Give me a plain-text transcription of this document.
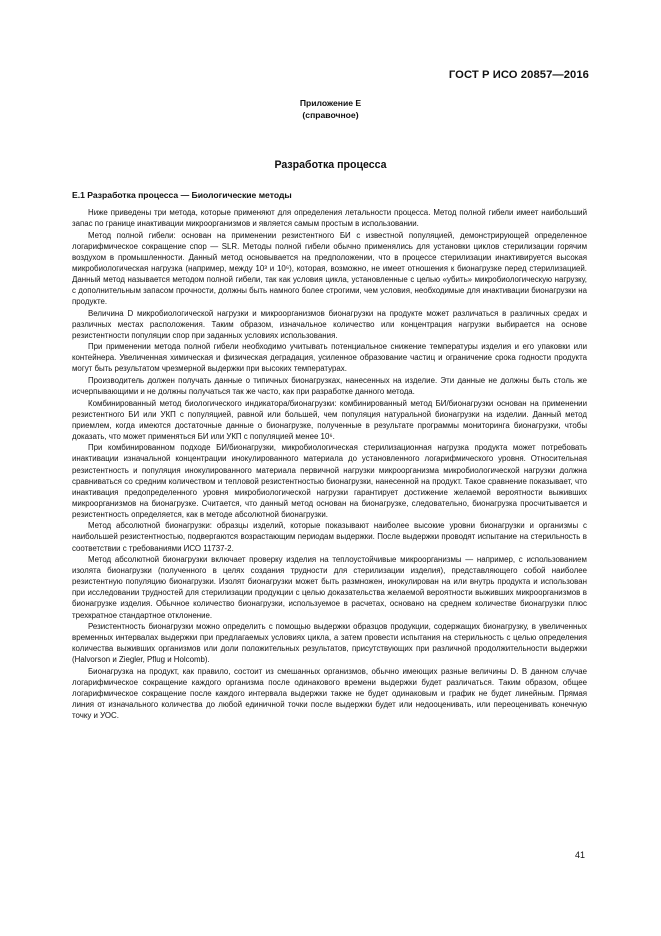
ГОСТ Р ИСО 20857—2016
Приложение Е
(справочное)
Разработка процесса
Е.1 Разработка процесса — Биологические методы

Ниже приведены три метода, которые применяют для определения летальности процесса. Метод полной гибели имеет наибольший запас по границе инактивации микроорганизмов и является самым простым в использовании.

Метод полной гибели: основан на применении резистентного БИ с известной популяцией, демонстрирующей определенное логарифмическое сокращение спор — SLR. Методы полной гибели обычно применялись для установки циклов стерилизации горячим воздухом в промышленности. Данный метод основывается на предположении, что в процессе стерилизации инактивируется высокая микробиологическая нагрузка (например, между 10³ и 10⁶), которая, возможно, не имеет отношения к бионагрузке перед стерилизацией. Данный метод называется методом полной гибели, так как условия цикла, установленные с целью «убить» микробиологическую нагрузку, с дополнительным запасом прочности, должны быть намного более строгими, чем условия, необходимые для инактивации бионагрузки на продукте.

Величина D микробиологической нагрузки и микроорганизмов бионагрузки на продукте может различаться в различных средах и различных местах расположения. Таким образом, изначальное количество или концентрация нагрузки выбирается на основе резистентности популяции спор при заданных условиях использования.

При применении метода полной гибели необходимо учитывать потенциальное снижение температуры изделия и его упаковки или контейнера. Увеличенная химическая и физическая деградация, усиленное образование частиц и ограничение срока годности продукта могут быть результатом чрезмерной выдержки при высоких температурах.

Производитель должен получать данные о типичных бионагрузках, нанесенных на изделие. Эти данные не должны быть столь же исчерпывающими и не должны получаться так же часто, как при разработке данного метода.

Комбинированный метод биологического индикатора/бионагрузки: комбинированный метод БИ/бионагрузки основан на применении резистентного БИ или УКП с популяцией, равной или большей, чем популяция натуральной бионагрузки на изделии. Данный метод приемлем, когда имеются достаточные данные о бионагрузке, полученные в результате программы мониторинга бионагрузки, чтобы доказать, что может применяться БИ или УКП с популяцией менее 10⁶.

При комбинированном подходе БИ/бионагрузки, микробиологическая стерилизационная нагрузка продукта может потребовать инактивации изначальной концентрации инокулированного материала до установленного логарифмического уровня. Относительная резистентность и популяция инокулированного материала первичной нагрузки микроорганизма микробиологической нагрузки должна сравниваться со средним количеством и тепловой резистентностью бионагрузки, нанесенной на продукт. Такое сравнение показывает, что инактивация предопределенного уровня микробиологической нагрузки гарантирует достижение желаемой вероятности выживших микроорганизмов на бионагрузке. Считается, что данный метод основан на бионагрузке, следовательно, бионагрузка просчитывается и резистентность определяется, как в методе абсолютной бионагрузки.

Метод абсолютной бионагрузки: образцы изделий, которые показывают наиболее высокие уровни бионагрузки и организмы с наибольшей резистентностью, подвергаются возрастающим периодам выдержки. После выдержки проводят испытание на стерильность в соответствии с требованиями ИСО 11737-2.

Метод абсолютной бионагрузки включает проверку изделия на теплоустойчивые микроорганизмы — например, с использованием изолята бионагрузки (полученного в целях создания трудности для стерилизации изделия), представляющего собой наиболее резистентную популяцию бионагрузки. Изолят бионагрузки может быть размножен, инокулирован на или внутрь продукта и использован при исследовании трудностей для стерилизации продукции с целью доказательства желаемой вероятности выживших микроорганизмов в бионагрузке изделия. Обычное количество бионагрузки, используемое в расчетах, основано на среднем количестве бионагрузки плюс трехкратное стандартное отклонение.

Резистентность бионагрузки можно определить с помощью выдержки образцов продукции, содержащих бионагрузку, в увеличенных временных интервалах выдержки при предлагаемых условиях цикла, а затем провести испытания на стерильность с целью определения количества выживших организмов или доли положительных результатов, присутствующих при различной продолжительности выдержки (Halvorson и Ziegler, Pflug и Holcomb).

Бионагрузка на продукт, как правило, состоит из смешанных организмов, обычно имеющих разные величины D. В данном случае логарифмическое сокращение каждого организма после одинакового времени выдержки будет различаться. Таким образом, общее логарифмическое сокращение после каждого интервала выдержки также не будет одинаковым и график не будет линейным. Прямая линия от изначального количества до любой единичной точки после выдержки будет или недооценивать, или переоценивать конечную точку и УОС.

41
